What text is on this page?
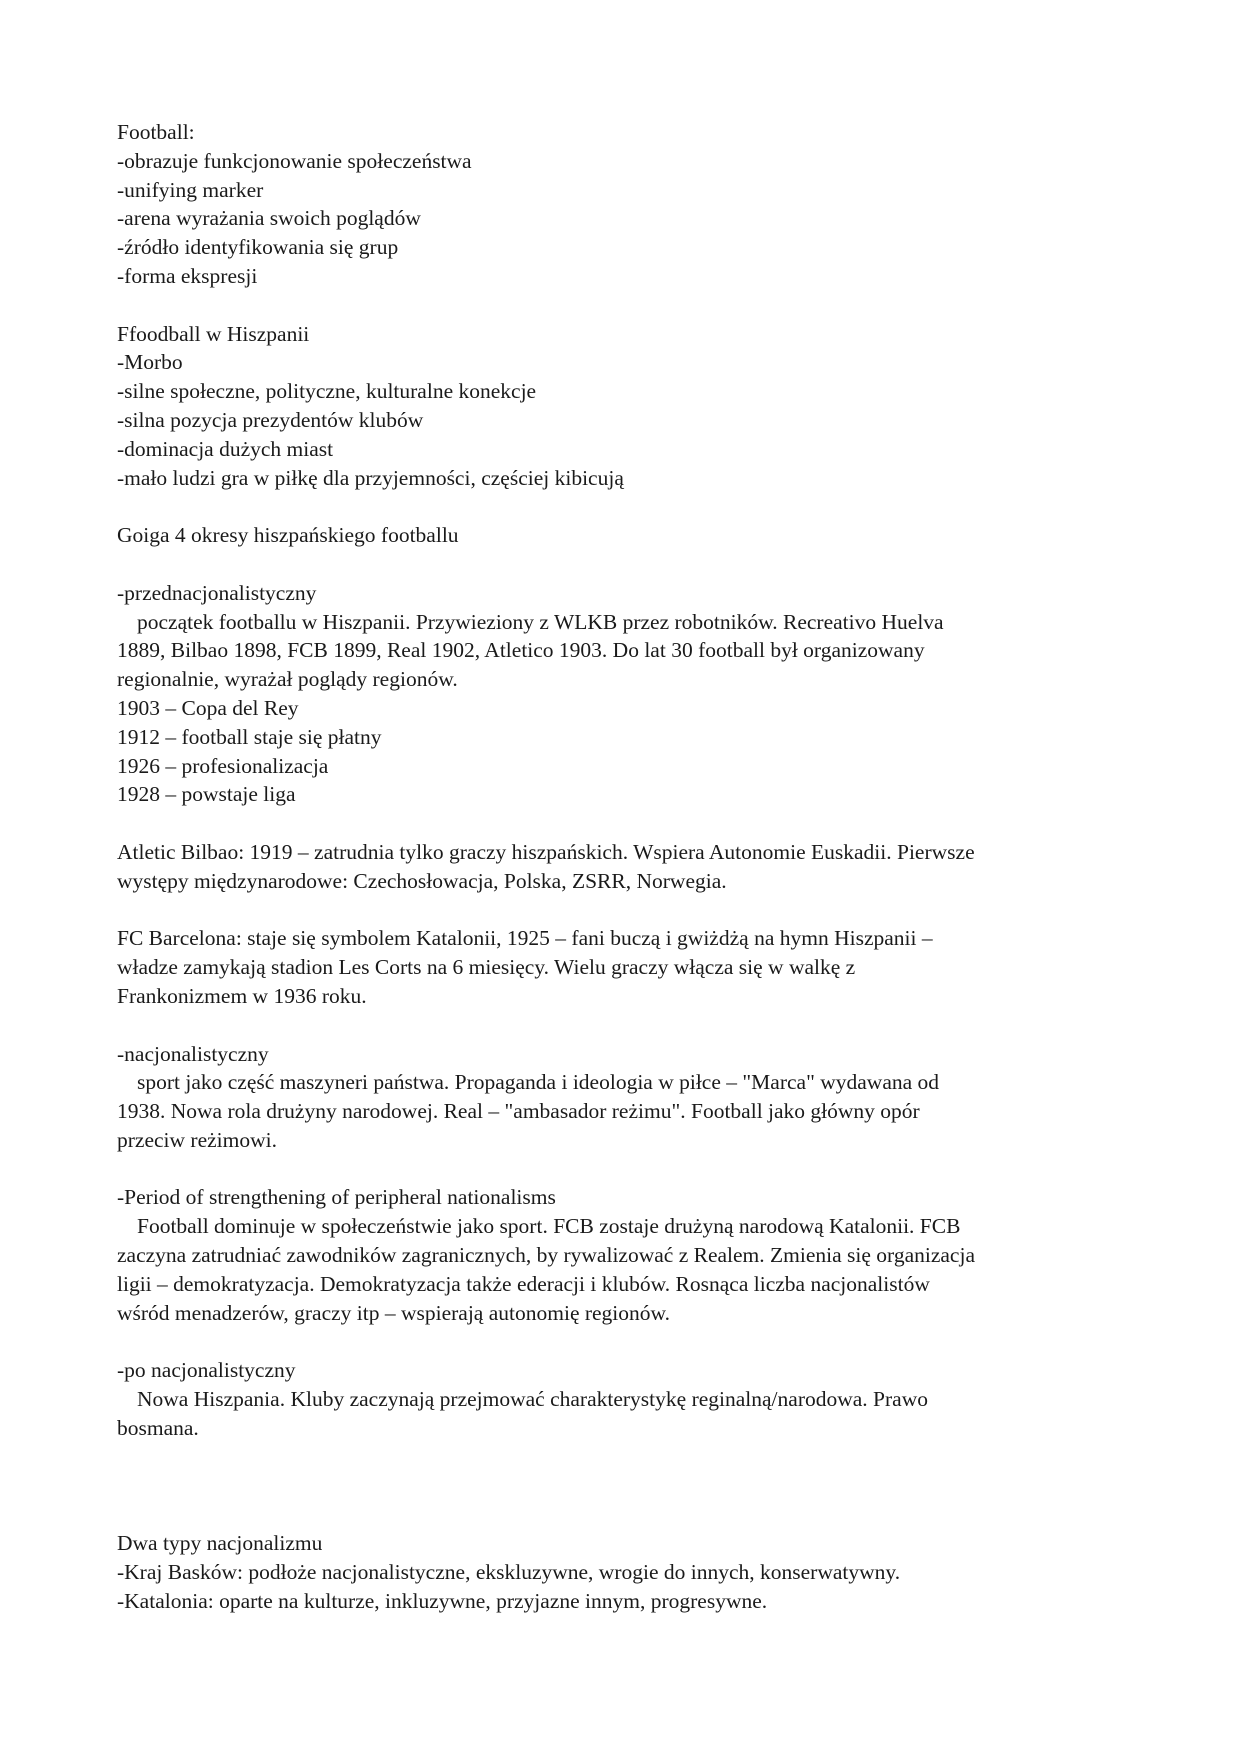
Football:
-obrazuje funkcjonowanie społeczeństwa
-unifying marker
-arena wyrażania swoich poglądów
-źródło identyfikowania się grup
-forma ekspresji
Ffoodball w Hiszpanii
-Morbo
-silne społeczne, polityczne, kulturalne konekcje
-silna pozycja prezydentów klubów
-dominacja dużych miast
-mało ludzi gra w piłkę dla przyjemności, częściej kibicują
Goiga 4 okresy hiszpańskiego footballu
-przednacjonalistyczny
początek footballu w Hiszpanii. Przywieziony z WLKB przez robotników. Recreativo Huelva
1889, Bilbao 1898, FCB 1899, Real 1902, Atletico 1903. Do lat 30 football był organizowany
regionalnie, wyrażał poglądy regionów.
1903 – Copa del Rey
1912 – football staje się płatny
1926 – profesionalizacja
1928 – powstaje liga
Atletic Bilbao: 1919 – zatrudnia tylko graczy hiszpańskich. Wspiera Autonomie Euskadii. Pierwsze
występy międzynarodowe: Czechosłowacja, Polska, ZSRR, Norwegia.
FC Barcelona: staje się symbolem Katalonii, 1925 – fani buczą i gwiżdżą na hymn Hiszpanii –
władze zamykają stadion Les Corts na 6 miesięcy. Wielu graczy włącza się w walkę z
Frankonizmem w 1936 roku.
-nacjonalistyczny
sport jako część maszyneri państwa. Propaganda i ideologia w piłce – "Marca" wydawana od
1938. Nowa rola drużyny narodowej. Real – "ambasador reżimu". Football jako główny opór
przeciw reżimowi.
-Period of strengthening of peripheral nationalisms
Football dominuje w społeczeństwie jako sport. FCB zostaje drużyną narodową Katalonii. FCB
zaczyna zatrudniać zawodników zagranicznych, by rywalizować z Realem. Zmienia się organizacja
ligii – demokratyzacja. Demokratyzacja także ederacji i klubów. Rosnąca liczba nacjonalistów
wśród menadzerów, graczy itp – wspierają autonomię regionów.
-po nacjonalistyczny
Nowa Hiszpania. Kluby zaczynają przejmować charakterystykę reginalną/narodowa. Prawo
bosmana.
Dwa typy nacjonalizmu
-Kraj Basków: podłoże nacjonalistyczne, ekskluzywne, wrogie do innych, konserwatywny.
-Katalonia: oparte na kulturze, inkluzywne, przyjazne innym, progresywne.
